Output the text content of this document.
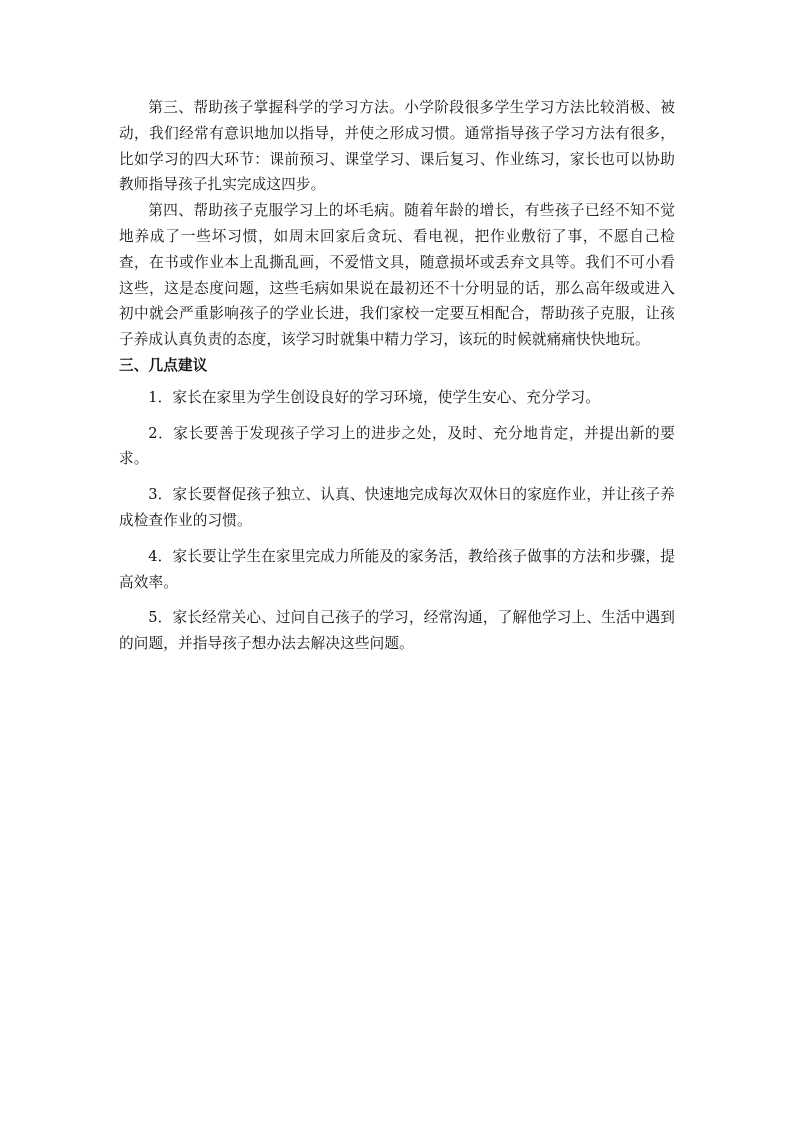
第三、帮助孩子掌握科学的学习方法。小学阶段很多学生学习方法比较消极、被动，我们经常有意识地加以指导，并使之形成习惯。通常指导孩子学习方法有很多，比如学习的四大环节：课前预习、课堂学习、课后复习、作业练习，家长也可以协助教师指导孩子扎实完成这四步。

第四、帮助孩子克服学习上的坏毛病。随着年龄的增长，有些孩子已经不知不觉地养成了一些坏习惯，如周末回家后贪玩、看电视，把作业敷衍了事，不愿自己检查，在书或作业本上乱撕乱画，不爱惜文具，随意损坏或丢弃文具等。我们不可小看这些，这是态度问题，这些毛病如果说在最初还不十分明显的话，那么高年级或进入初中就会严重影响孩子的学业长进，我们家校一定要互相配合，帮助孩子克服，让孩子养成认真负责的态度，该学习时就集中精力学习，该玩的时候就痛痛快快地玩。

三、几点建议

1．家长在家里为学生创设良好的学习环境，使学生安心、充分学习。

2．家长要善于发现孩子学习上的进步之处，及时、充分地肯定，并提出新的要求。

3．家长要督促孩子独立、认真、快速地完成每次双休日的家庭作业，并让孩子养成检查作业的习惯。

4．家长要让学生在家里完成力所能及的家务活，教给孩子做事的方法和步骤，提高效率。

5．家长经常关心、过问自己孩子的学习，经常沟通，了解他学习上、生活中遇到的问题，并指导孩子想办法去解决这些问题。
